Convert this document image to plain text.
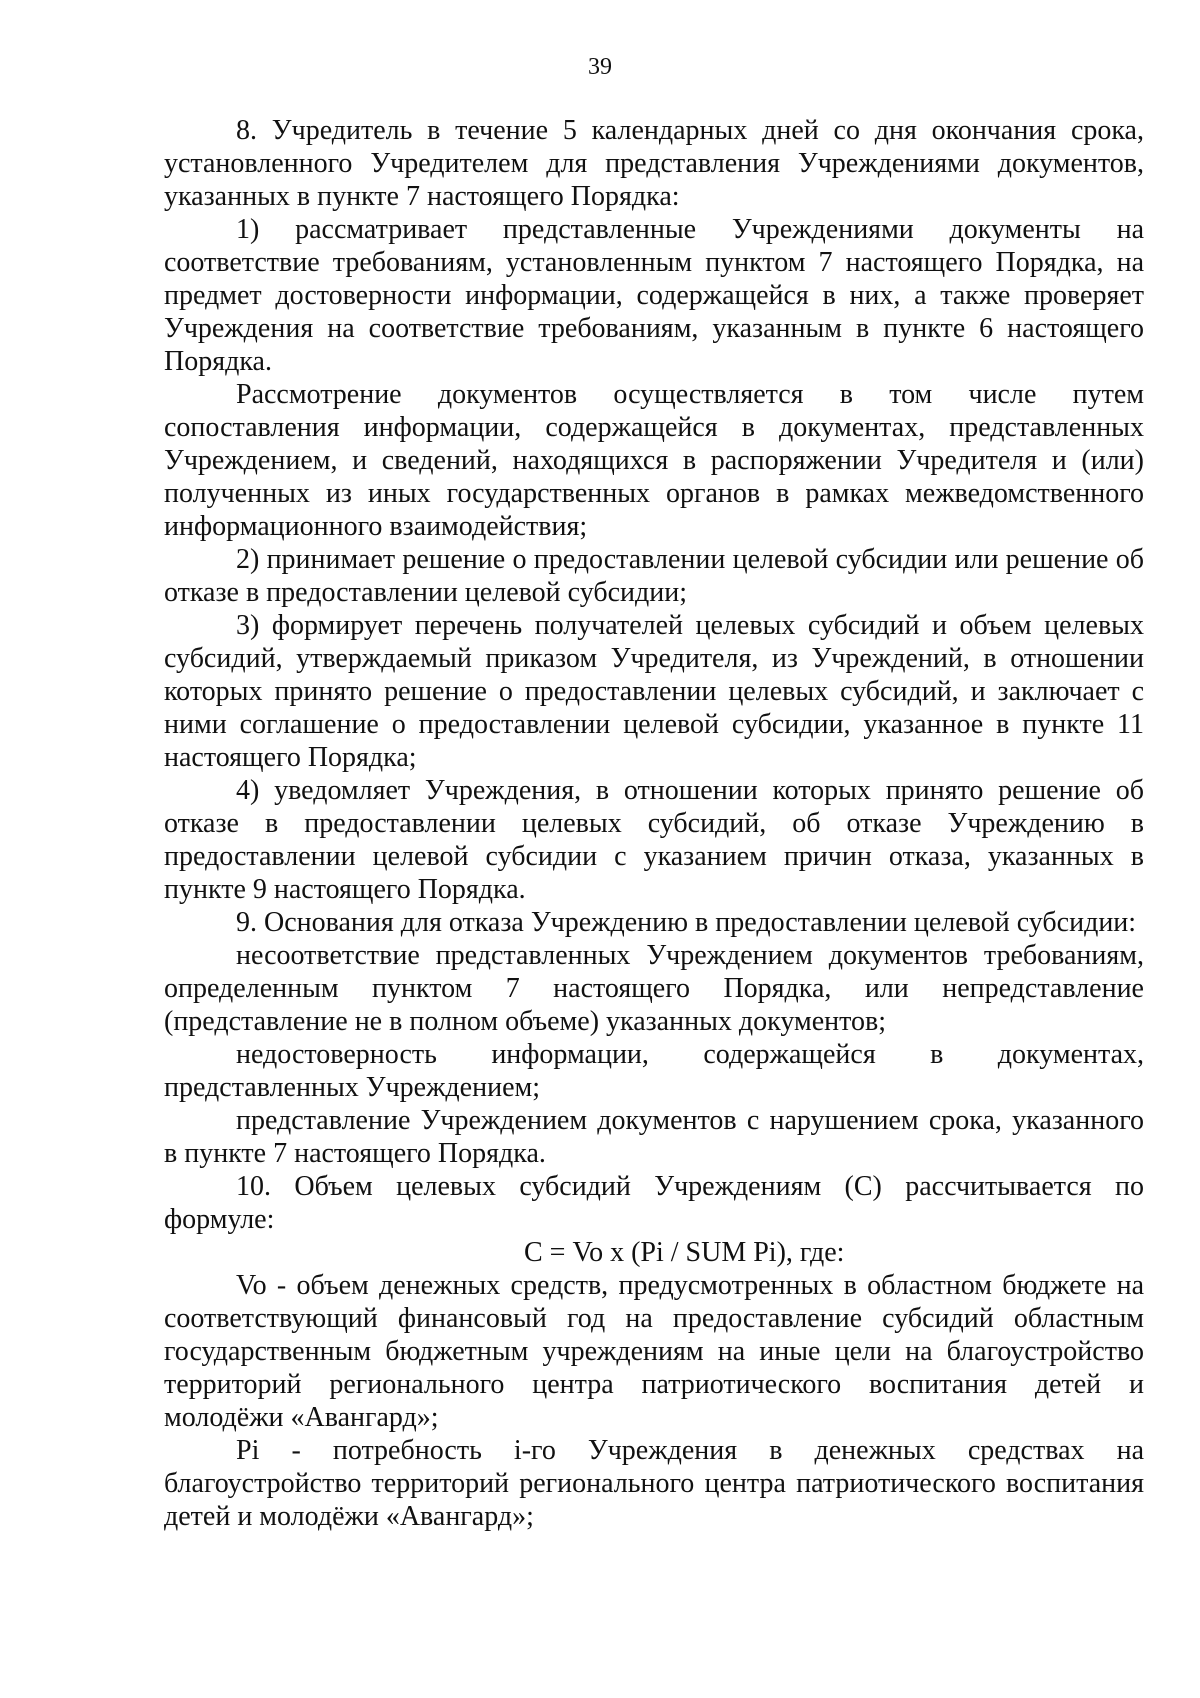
39

8. Учредитель в течение 5 календарных дней со дня окончания срока, установленного Учредителем для представления Учреждениями документов, указанных в пункте 7 настоящего Порядка:

1) рассматривает представленные Учреждениями документы на соответствие требованиям, установленным пунктом 7 настоящего Порядка, на предмет достоверности информации, содержащейся в них, а также проверяет Учреждения на соответствие требованиям, указанным в пункте 6 настоящего Порядка.

Рассмотрение документов осуществляется в том числе путем сопоставления информации, содержащейся в документах, представленных Учреждением, и сведений, находящихся в распоряжении Учредителя и (или) полученных из иных государственных органов в рамках межведомственного информационного взаимодействия;

2) принимает решение о предоставлении целевой субсидии или решение об отказе в предоставлении целевой субсидии;

3) формирует перечень получателей целевых субсидий и объем целевых субсидий, утверждаемый приказом Учредителя, из Учреждений, в отношении которых принято решение о предоставлении целевых субсидий, и заключает с ними соглашение о предоставлении целевой субсидии, указанное в пункте 11 настоящего Порядка;

4) уведомляет Учреждения, в отношении которых принято решение об отказе в предоставлении целевых субсидий, об отказе Учреждению в предоставлении целевой субсидии с указанием причин отказа, указанных в пункте 9 настоящего Порядка.

9. Основания для отказа Учреждению в предоставлении целевой субсидии:

несоответствие представленных Учреждением документов требованиям, определенным пунктом 7 настоящего Порядка, или непредставление (представление не в полном объеме) указанных документов;

недостоверность информации, содержащейся в документах, представленных Учреждением;

представление Учреждением документов с нарушением срока, указанного в пункте 7 настоящего Порядка.

10. Объем целевых субсидий Учреждениям (С) рассчитывается по формуле:

С = Vo x (Pi / SUM Pi), где:

Vo - объем денежных средств, предусмотренных в областном бюджете на соответствующий финансовый год на предоставление субсидий областным государственным бюджетным учреждениям на иные цели на благоустройство территорий регионального центра патриотического воспитания детей и молодёжи «Авангард»;

Pi - потребность i-го Учреждения в денежных средствах на благоустройство территорий регионального центра патриотического воспитания детей и молодёжи «Авангард»;
